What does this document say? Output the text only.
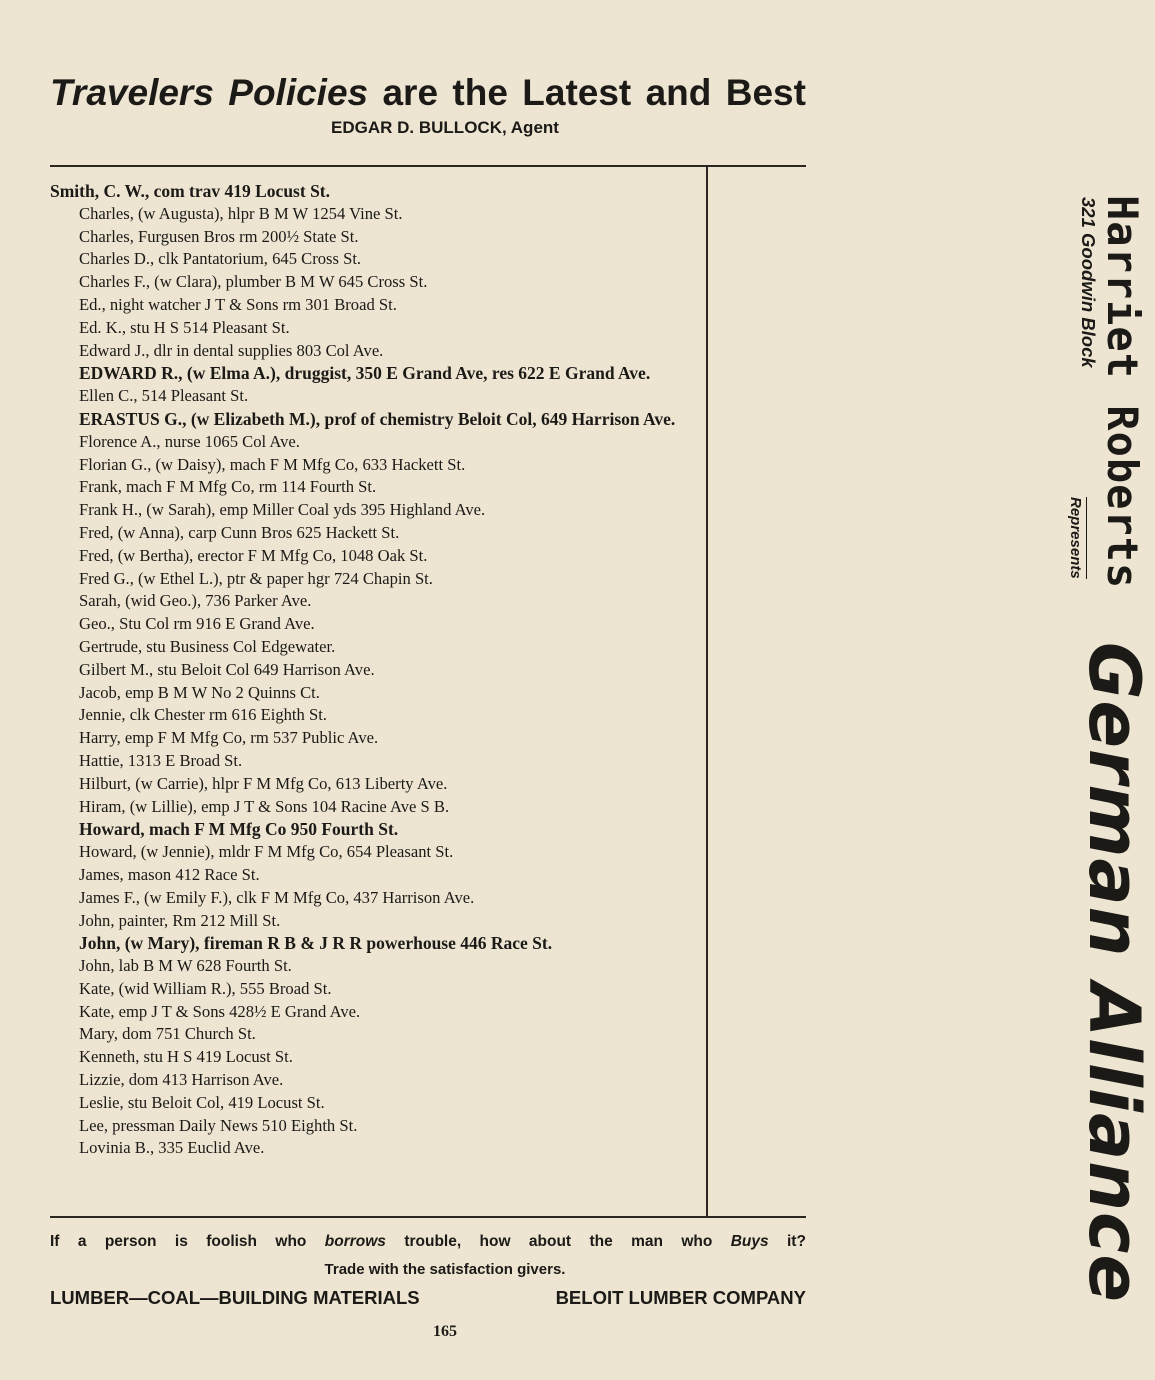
Travelers Policies are the Latest and Best
EDGAR D. BULLOCK, Agent
Smith, C. W., com trav 419 Locust St.
Charles, (w Augusta), hlpr B M W 1254 Vine St.
Charles, Furgusen Bros rm 200½ State St.
Charles D., clk Pantatorium, 645 Cross St.
Charles F., (w Clara), plumber B M W 645 Cross St.
Ed., night watcher J T & Sons rm 301 Broad St.
Ed. K., stu H S 514 Pleasant St.
Edward J., dlr in dental supplies 803 Col Ave.
EDWARD R., (w Elma A.), druggist, 350 E Grand Ave, res 622 E Grand Ave.
Ellen C., 514 Pleasant St.
ERASTUS G., (w Elizabeth M.), prof of chemistry Beloit Col, 649 Harrison Ave.
Florence A., nurse 1065 Col Ave.
Florian G., (w Daisy), mach F M Mfg Co, 633 Hackett St.
Frank, mach F M Mfg Co, rm 114 Fourth St.
Frank H., (w Sarah), emp Miller Coal yds 395 Highland Ave.
Fred, (w Anna), carp Cunn Bros 625 Hackett St.
Fred, (w Bertha), erector F M Mfg Co, 1048 Oak St.
Fred G., (w Ethel L.), ptr & paper hgr 724 Chapin St.
Sarah, (wid Geo.), 736 Parker Ave.
Geo., Stu Col rm 916 E Grand Ave.
Gertrude, stu Business Col Edgewater.
Gilbert M., stu Beloit Col 649 Harrison Ave.
Jacob, emp B M W No 2 Quinns Ct.
Jennie, clk Chester rm 616 Eighth St.
Harry, emp F M Mfg Co, rm 537 Public Ave.
Hattie, 1313 E Broad St.
Hilburt, (w Carrie), hlpr F M Mfg Co, 613 Liberty Ave.
Hiram, (w Lillie), emp J T & Sons 104 Racine Ave S B.
Howard, mach F M Mfg Co 950 Fourth St.
Howard, (w Jennie), mldr F M Mfg Co, 654 Pleasant St.
James, mason 412 Race St.
James F., (w Emily F.), clk F M Mfg Co, 437 Harrison Ave.
John, painter, Rm 212 Mill St.
John, (w Mary), fireman R B & J R R powerhouse 446 Race St.
John, lab B M W 628 Fourth St.
Kate, (wid William R.), 555 Broad St.
Kate, emp J T & Sons 428½ E Grand Ave.
Mary, dom 751 Church St.
Kenneth, stu H S 419 Locust St.
Lizzie, dom 413 Harrison Ave.
Leslie, stu Beloit Col, 419 Locust St.
Lee, pressman Daily News 510 Eighth St.
Lovinia B., 335 Euclid Ave.
Harriet Roberts
321 Goodwin Block
Represents
German Alliance
If a person is foolish who borrows trouble, how about the man who Buys it?
Trade with the satisfaction givers.
LUMBER—COAL—BUILDING MATERIALS	BELOIT LUMBER COMPANY
165
